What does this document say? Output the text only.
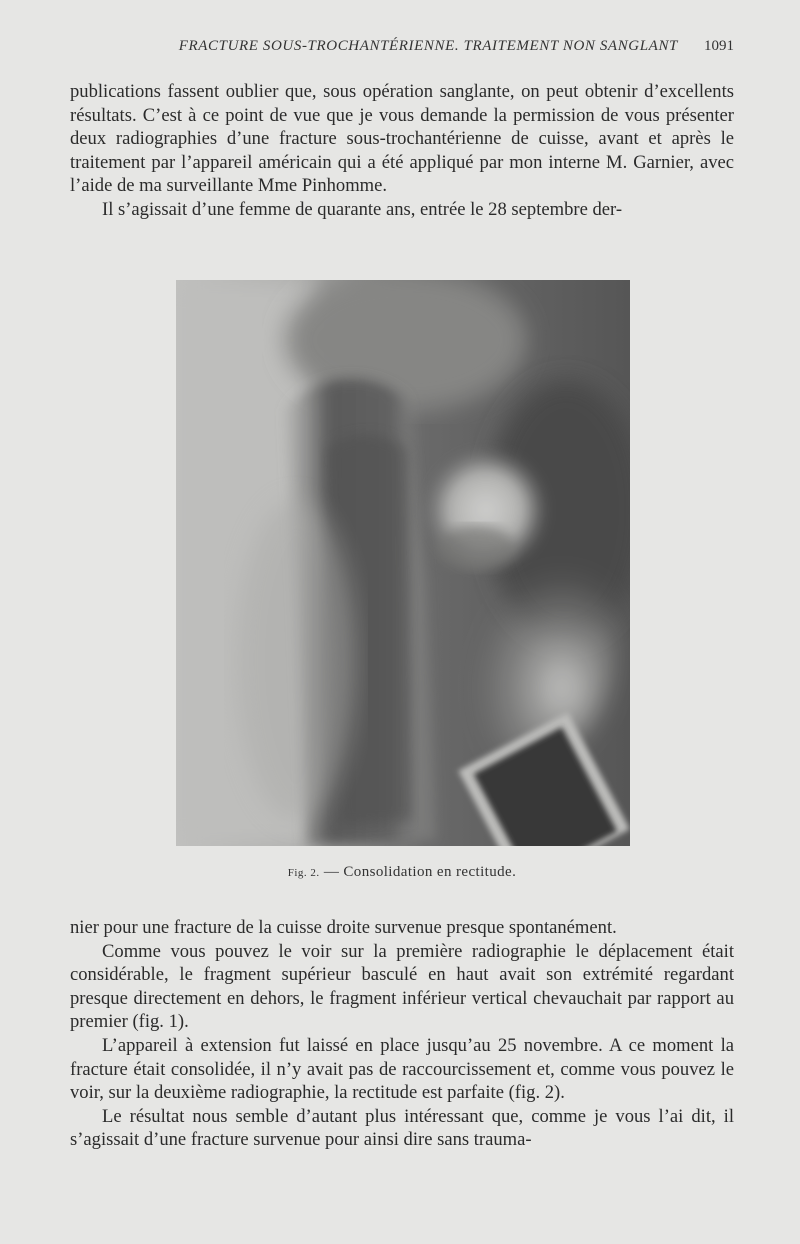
FRACTURE SOUS-TROCHANTÉRIENNE. TRAITEMENT NON SANGLANT 1091

publications fassent oublier que, sous opération sanglante, on peut obtenir d’excellents résultats. C’est à ce point de vue que je vous demande la permission de vous présenter deux radiographies d’une fracture sous-trochantérienne de cuisse, avant et après le traitement par l’appareil américain qui a été appliqué par mon interne M. Garnier, avec l’aide de ma surveillante Mme Pinhomme.

Il s’agissait d’une femme de quarante ans, entrée le 28 septembre der-

Fig. 2. — Consolidation en rectitude.

nier pour une fracture de la cuisse droite survenue presque spontanément.

Comme vous pouvez le voir sur la première radiographie le déplacement était considérable, le fragment supérieur basculé en haut avait son extrémité regardant presque directement en dehors, le fragment inférieur vertical chevauchait par rapport au premier (fig. 1).

L’appareil à extension fut laissé en place jusqu’au 25 novembre. A ce moment la fracture était consolidée, il n’y avait pas de raccourcissement et, comme vous pouvez le voir, sur la deuxième radiographie, la rectitude est parfaite (fig. 2).

Le résultat nous semble d’autant plus intéressant que, comme je vous l’ai dit, il s’agissait d’une fracture survenue pour ainsi dire sans trauma-
